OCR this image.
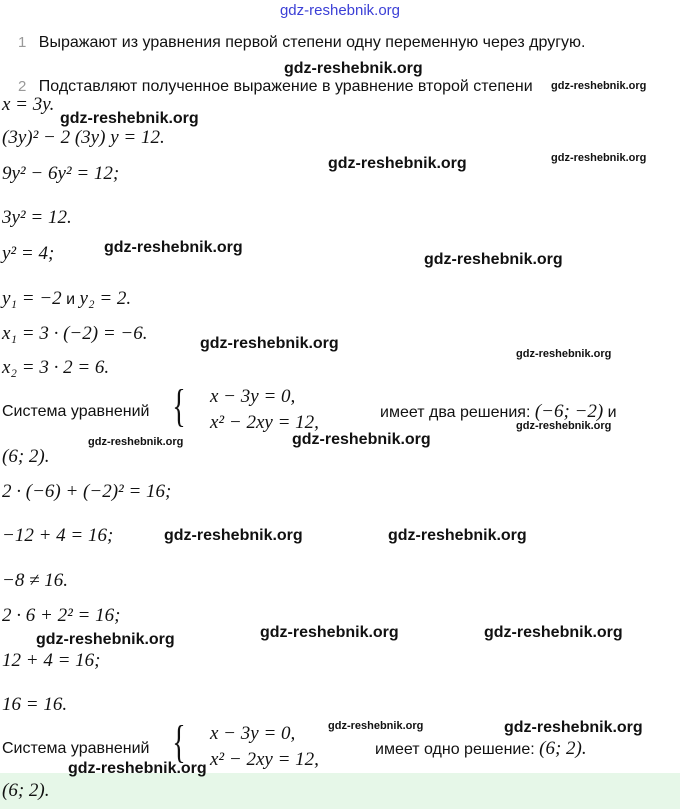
gdz-reshebnik.org
1 Выражают из уравнения первой степени одну переменную через другую.
2 Подставляют полученное выражение в уравнение второй степени
x = 3y.
(3y)² − 2 (3y) y = 12.
9y² − 6y² = 12;
3y² = 12.
y² = 4;
y₁ = −2 и y₂ = 2.
x₁ = 3 · (−2) = −6.
x₂ = 3 · 2 = 6.
Система уравнений { x − 3y = 0,
x² − 2xy = 12,	имеет два решения: (−6; −2) и
(6; 2).
2 · (−6) + (−2)² = 16;
−12 + 4 = 16;
−8 ≠ 16.
2 · 6 + 2² = 16;
12 + 4 = 16;
16 = 16.
Система уравнений { x − 3y = 0,
x² − 2xy = 12,	имеет одно решение: (6; 2).
(6; 2).
gdz-reshebnik.org
gdz-reshebnik.org
gdz-reshebnik.org
gdz-reshebnik.org	gdz-reshebnik.org
gdz-reshebnik.org
gdz-reshebnik.org
gdz-reshebnik.org
gdz-reshebnik.org
gdz-reshebnik.org
gdz-reshebnik.org	gdz-reshebnik.org
gdz-reshebnik.org	gdz-reshebnik.org
gdz-reshebnik.org	gdz-reshebnik.org
gdz-reshebnik.org
gdz-reshebnik.org	gdz-reshebnik.org
gdz-reshebnik.org
